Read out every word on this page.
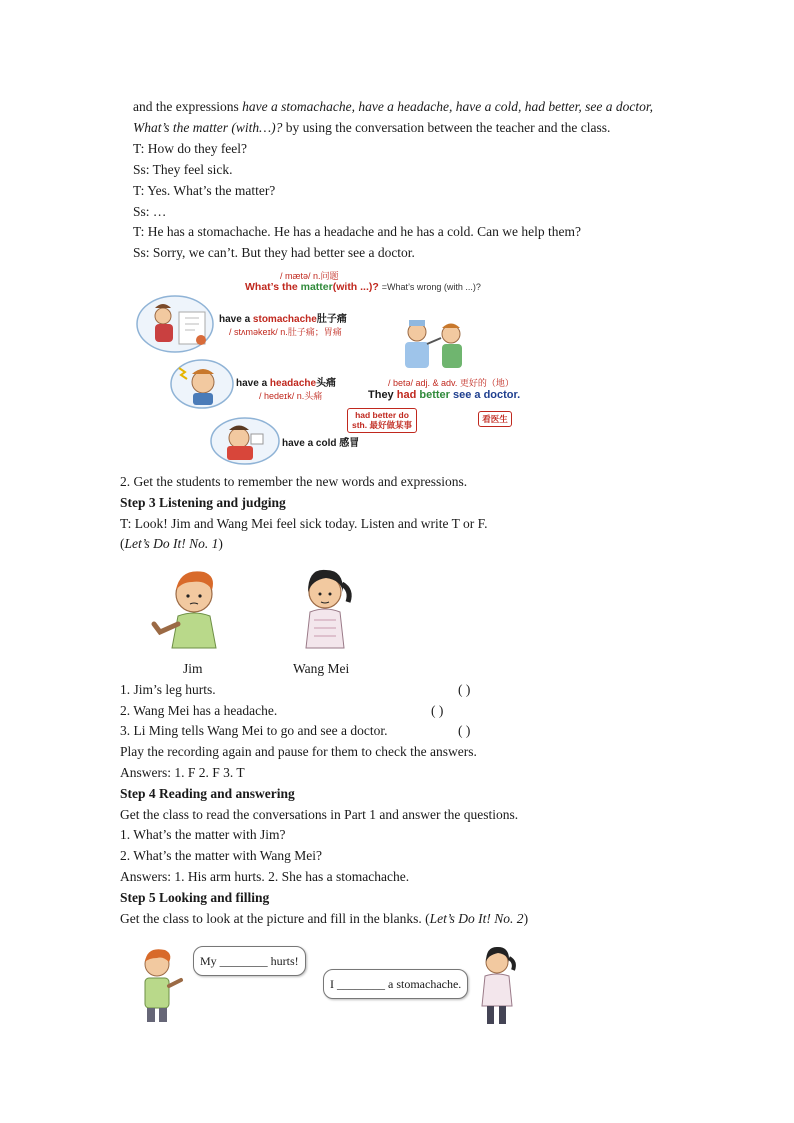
and the expressions have a stomachache, have a headache, have a cold, had better, see a doctor,
What’s the matter (with…)? by using the conversation between the teacher and the class.
T: How do they feel?
Ss: They feel sick.
T: Yes. What’s the matter?
Ss: …
T: He has a stomachache. He has a headache and he has a cold. Can we help them?
Ss: Sorry, we can’t. But they had better see a doctor.
/ mætə/ n.问题
What’s the matter(with ...)? =What’s wrong (with ...)?
have a stomachache肚子痛
/ stʌməkeɪk/ n.肚子痛；胃痛
have a headache头痛
/ hedeɪk/ n.头痛
have a cold 感冒
/ betə/ adj. & adv. 更好的（地）
They had better see a doctor.
had better do
sth. 最好做某事
看医生
2. Get the students to remember the new words and expressions.
Step 3 Listening and judging
T: Look! Jim and Wang Mei feel sick today. Listen and write T or F.
(Let’s Do It! No. 1)
Jim	Wang Mei
1. Jim’s leg hurts.	( )
2. Wang Mei has a headache.	( )
3. Li Ming tells Wang Mei to go and see a doctor.	( )
Play the recording again and pause for them to check the answers.
Answers: 1. F 2. F 3. T
Step 4 Reading and answering
Get the class to read the conversations in Part 1 and answer the questions.
1. What’s the matter with Jim?
2. What’s the matter with Wang Mei?
Answers: 1. His arm hurts. 2. She has a stomachache.
Step 5 Looking and filling
Get the class to look at the picture and fill in the blanks. (Let’s Do It! No. 2)
My ________ hurts!
I ________ a stomachache.
